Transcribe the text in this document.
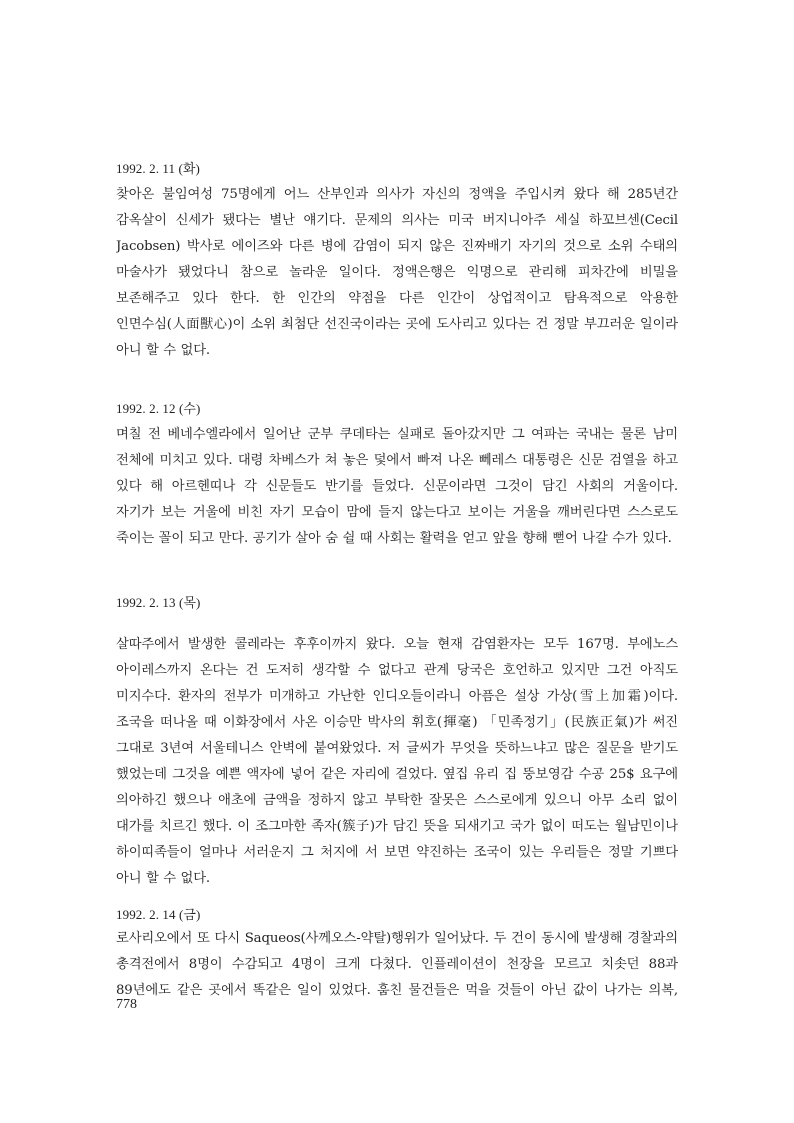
1992. 2. 11 (화)

찾아온 불임여성 75명에게 어느 산부인과 의사가 자신의 정액을 주입시켜 왔다 해 285년간
감옥살이 신세가 됐다는 별난 얘기다. 문제의 의사는 미국 버지니아주 세실 하꼬브센(Cecil
Jacobsen) 박사로 에이즈와 다른 병에 감염이 되지 않은 진짜배기 자기의 것으로 소위 수태의
마술사가 됐었다니 참으로 놀라운 일이다. 정액은행은 익명으로 관리해 피차간에 비밀을
보존해주고 있다 한다. 한 인간의 약점을 다른 인간이 상업적이고 탐욕적으로 악용한
인면수심(人面獸心)이 소위 최첨단 선진국이라는 곳에 도사리고 있다는 건 정말 부끄러운 일이라
아니 할 수 없다.

1992. 2. 12 (수)

며칠 전 베네수엘라에서 일어난 군부 쿠데타는 실패로 돌아갔지만 그 여파는 국내는 물론 남미
전체에 미치고 있다. 대령 차베스가 쳐 놓은 덫에서 빠져 나온 뻬레스 대통령은 신문 검열을 하고
있다 해 아르헨띠나 각 신문들도 반기를 들었다. 신문이라면 그것이 담긴 사회의 거울이다.
자기가 보는 거울에 비친 자기 모습이 맘에 들지 않는다고 보이는 거울을 깨버린다면 스스로도
죽이는 꼴이 되고 만다. 공기가 살아 숨 쉴 때 사회는 활력을 얻고 앞을 향해 뻗어 나갈 수가 있다.

1992. 2. 13 (목)

살따주에서 발생한 콜레라는 후후이까지 왔다. 오늘 현재 감염환자는 모두 167명. 부에노스
아이레스까지 온다는 건 도저히 생각할 수 없다고 관계 당국은 호언하고 있지만 그건 아직도
미지수다. 환자의 전부가 미개하고 가난한 인디오들이라니 아픔은 설상 가상(雪上加霜)이다.
조국을 떠나올 때 이화장에서 사온 이승만 박사의 휘호(揮毫) 「민족정기」(民族正氣)가 써진
그대로 3년여 서울테니스 안벽에 붙여왔었다. 저 글씨가 무엇을 뜻하느냐고 많은 질문을 받기도
했었는데 그것을 예쁜 액자에 넣어 같은 자리에 걸었다. 옆집 유리 집 뚱보영감 수공 25$ 요구에
의아하긴 했으나 애초에 금액을 정하지 않고 부탁한 잘못은 스스로에게 있으니 아무 소리 없이
대가를 치르긴 했다. 이 조그마한 족자(簇子)가 담긴 뜻을 되새기고 국가 없이 떠도는 월남민이나
하이띠족들이 얼마나 서러운지 그 처지에 서 보면 약진하는 조국이 있는 우리들은 정말 기쁘다
아니 할 수 없다.

1992. 2. 14 (금)

로사리오에서 또 다시 Saqueos(사께오스-약탈)행위가 일어났다. 두 건이 동시에 발생해 경찰과의
총격전에서 8명이 수감되고 4명이 크게 다쳤다. 인플레이션이 천장을 모르고 치솟던 88과
89년에도 같은 곳에서 똑같은 일이 있었다. 훔친 물건들은 먹을 것들이 아닌 값이 나가는 의복,

778
